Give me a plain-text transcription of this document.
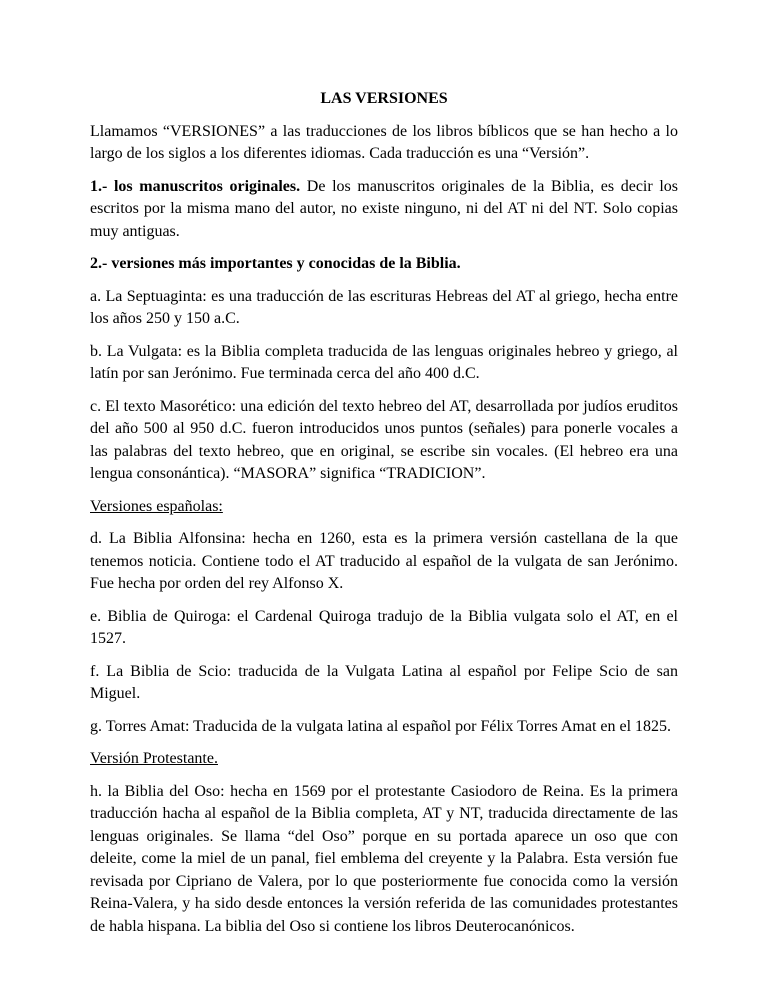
LAS VERSIONES

Llamamos “VERSIONES” a las traducciones de los libros bíblicos que se han hecho a lo largo de los siglos a los diferentes idiomas. Cada traducción es una “Versión”.

1.- los manuscritos originales. De los manuscritos originales de la Biblia, es decir los escritos por la misma mano del autor, no existe ninguno, ni del AT ni del NT. Solo copias muy antiguas.

2.- versiones más importantes y conocidas de la Biblia.

a. La Septuaginta: es una traducción de las escrituras Hebreas del AT al griego, hecha entre los años 250 y 150 a.C.

b. La Vulgata: es la Biblia completa traducida de las lenguas originales hebreo y griego, al latín por san Jerónimo. Fue terminada cerca del año 400 d.C.

c. El texto Masorético: una edición del texto hebreo del AT, desarrollada por judíos eruditos del año 500 al 950 d.C. fueron introducidos unos puntos (señales) para ponerle vocales a las palabras del texto hebreo, que en original, se escribe sin vocales. (El hebreo era una lengua consonántica). “MASORA” significa “TRADICION”.

Versiones españolas:

d. La Biblia Alfonsina: hecha en 1260, esta es la primera versión castellana de la que tenemos noticia. Contiene todo el AT traducido al español de la vulgata de san Jerónimo. Fue hecha por orden del rey Alfonso X.

e. Biblia de Quiroga: el Cardenal Quiroga tradujo de la Biblia vulgata solo el AT, en el 1527.

f. La Biblia de Scio: traducida de la Vulgata Latina al español por Felipe Scio de san Miguel.

g. Torres Amat: Traducida de la vulgata latina al español por Félix Torres Amat en el 1825.

Versión Protestante.

h. la Biblia del Oso: hecha en 1569 por el protestante Casiodoro de Reina. Es la primera traducción hacha al español de la Biblia completa, AT y NT, traducida directamente de las lenguas originales. Se llama “del Oso” porque en su portada aparece un oso que con deleite, come la miel de un panal, fiel emblema del creyente y la Palabra. Esta versión fue revisada por Cipriano de Valera, por lo que posteriormente fue conocida como la versión Reina-Valera, y ha sido desde entonces la versión referida de las comunidades protestantes de habla hispana. La biblia del Oso si contiene los libros Deuterocanónicos.
